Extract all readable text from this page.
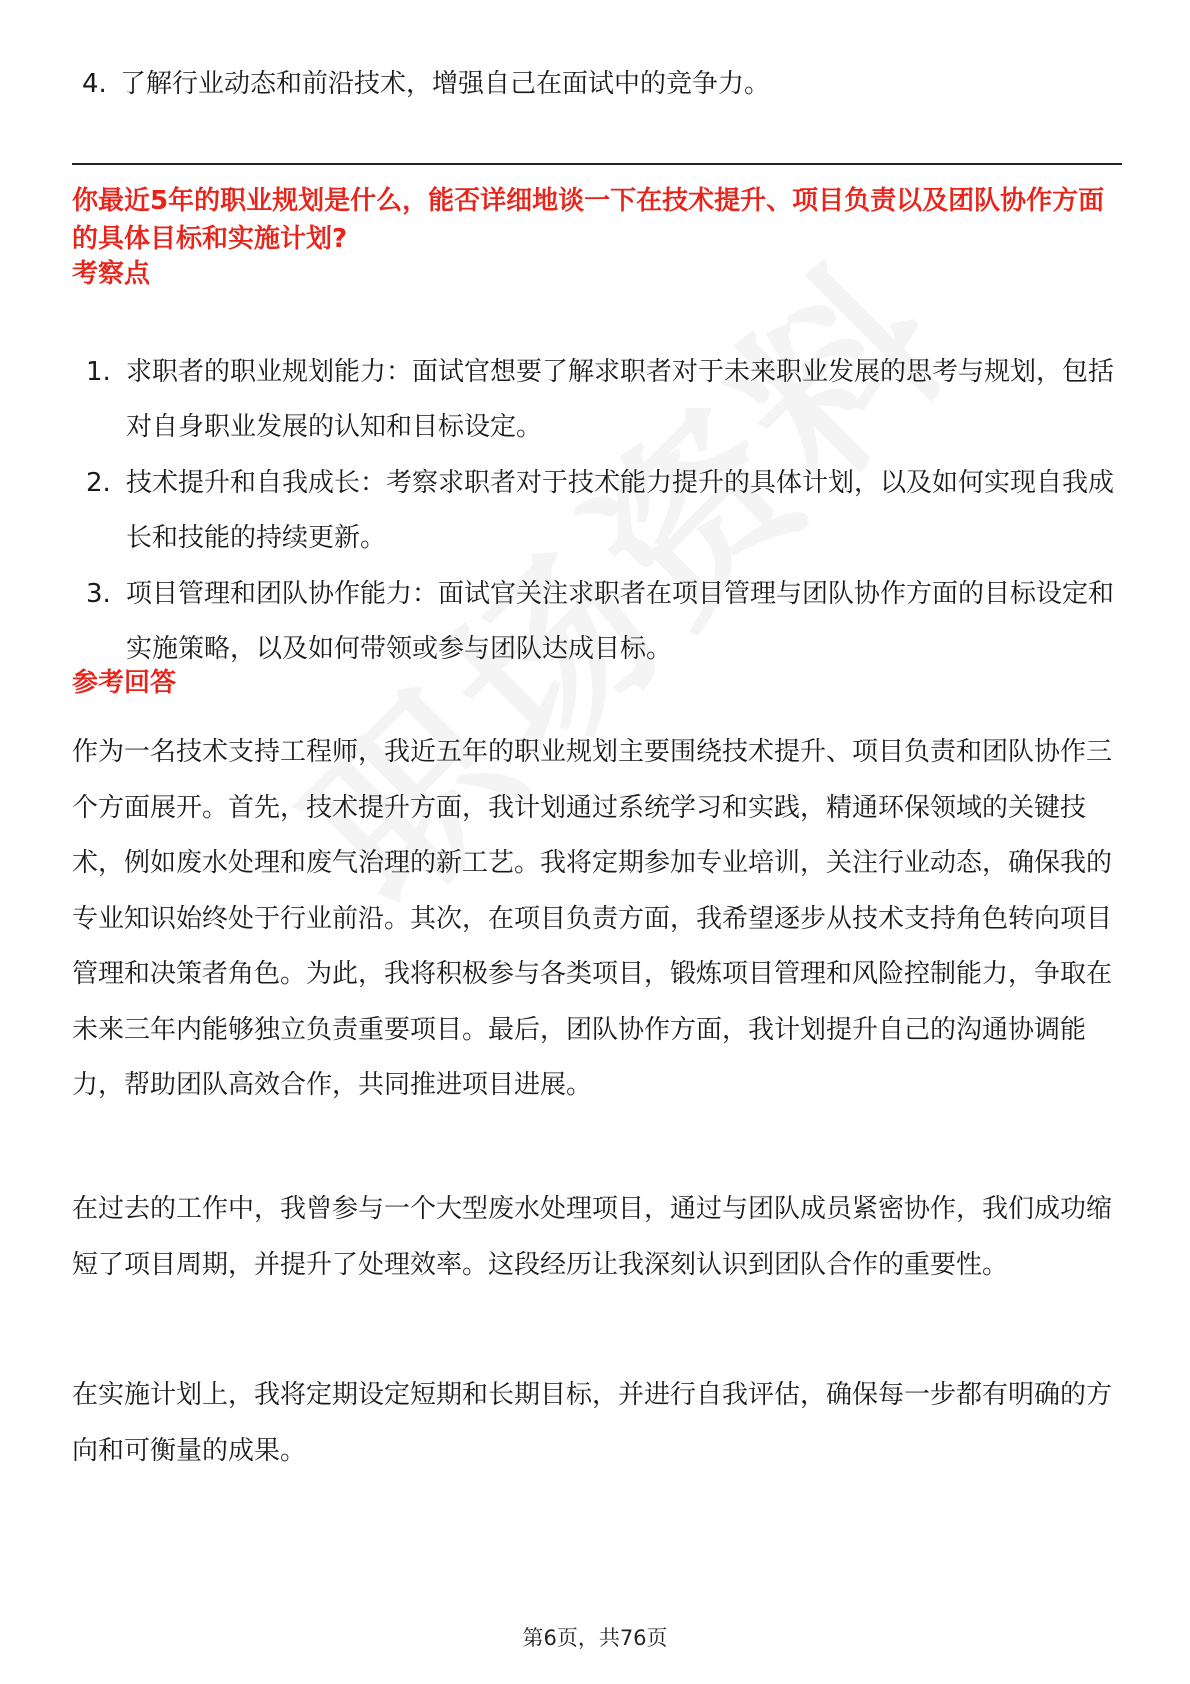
4. 了解行业动态和前沿技术，增强自己在面试中的竞争力。
你最近5年的职业规划是什么，能否详细地谈一下在技术提升、项目负责以及团队协作方面的具体目标和实施计划?
考察点
1. 求职者的职业规划能力：面试官想要了解求职者对于未来职业发展的思考与规划，包括对自身职业发展的认知和目标设定。
2. 技术提升和自我成长：考察求职者对于技术能力提升的具体计划，以及如何实现自我成长和技能的持续更新。
3. 项目管理和团队协作能力：面试官关注求职者在项目管理与团队协作方面的目标设定和实施策略，以及如何带领或参与团队达成目标。
参考回答

作为一名技术支持工程师，我近五年的职业规划主要围绕技术提升、项目负责和团队协作三个方面展开。首先，技术提升方面，我计划通过系统学习和实践，精通环保领域的关键技术，例如废水处理和废气治理的新工艺。我将定期参加专业培训，关注行业动态，确保我的专业知识始终处于行业前沿。其次，在项目负责方面，我希望逐步从技术支持角色转向项目管理和决策者角色。为此，我将积极参与各类项目，锻炼项目管理和风险控制能力，争取在未来三年内能够独立负责重要项目。最后，团队协作方面，我计划提升自己的沟通协调能力，帮助团队高效合作，共同推进项目进展。

在过去的工作中，我曾参与一个大型废水处理项目，通过与团队成员紧密协作，我们成功缩短了项目周期，并提升了处理效率。这段经历让我深刻认识到团队合作的重要性。

在实施计划上，我将定期设定短期和长期目标，并进行自我评估，确保每一步都有明确的方向和可衡量的成果。

第6页，共76页
